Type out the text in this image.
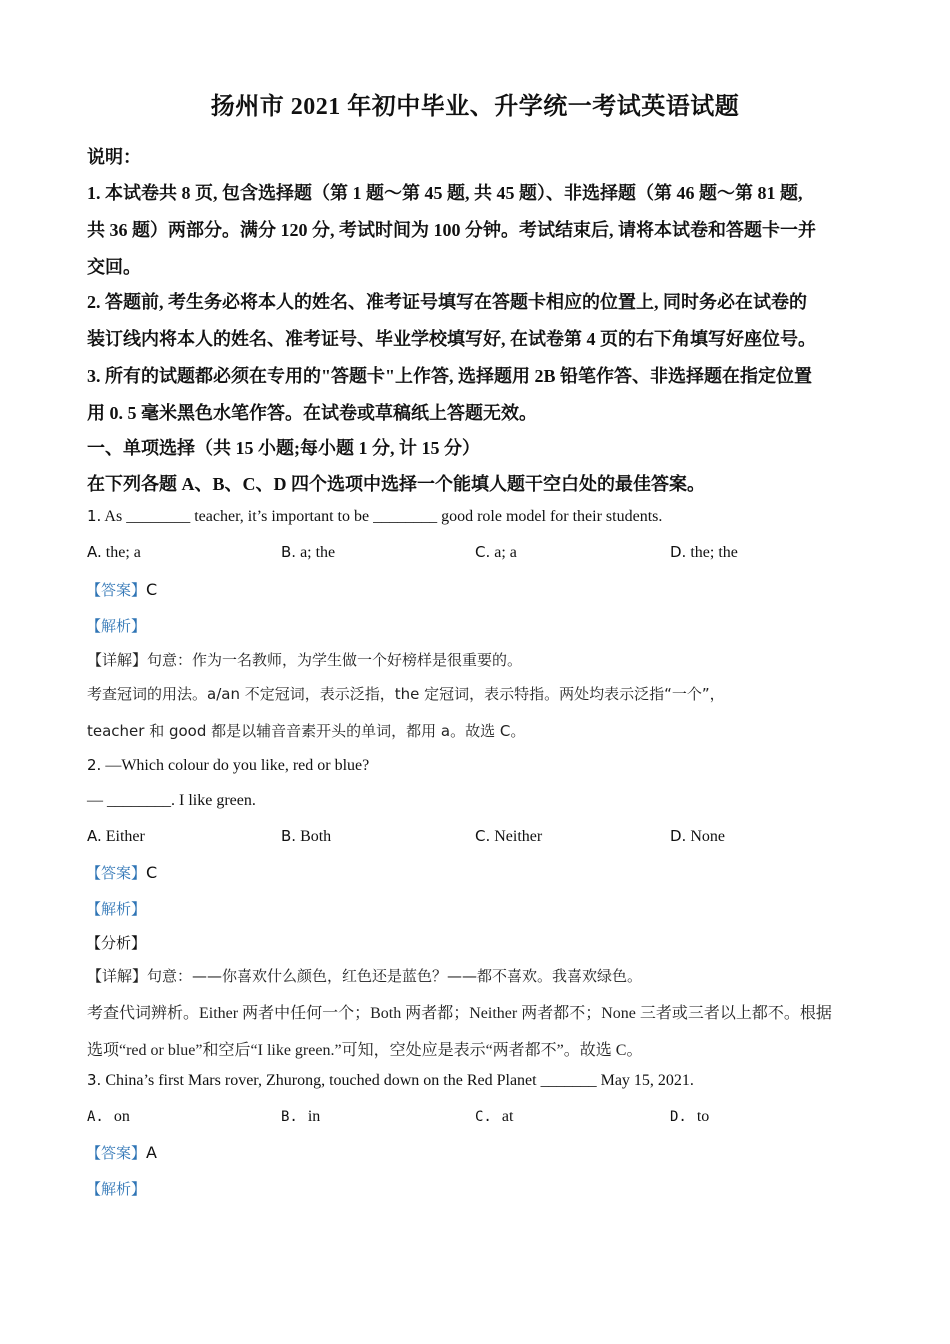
扬州市 2021 年初中毕业、升学统一考试英语试题
说明：
1. 本试卷共 8 页, 包含选择题（第 1 题～第 45 题, 共 45 题）、非选择题（第 46 题～第 81 题,
共 36 题）两部分。满分 120 分, 考试时间为 100 分钟。考试结束后, 请将本试卷和答题卡一并
交回。
2. 答题前, 考生务必将本人的姓名、准考证号填写在答题卡相应的位置上, 同时务必在试卷的
装订线内将本人的姓名、准考证号、毕业学校填写好, 在试卷第 4 页的右下角填写好座位号。
3. 所有的试题都必须在专用的"答题卡"上作答, 选择题用 2B 铅笔作答、非选择题在指定位置
用 0. 5 毫米黑色水笔作答。在试卷或草稿纸上答题无效。
一、单项选择（共 15 小题;每小题 1 分, 计 15 分）
在下列各题 A、B、C、D 四个选项中选择一个能填人题干空白处的最佳答案。
1. As ________ teacher, it’s important to be ________ good role model for their students.
A. the; a	B. a; the	C. a; a	D. the; the
【答案】C
【解析】
【详解】句意：作为一名教师，为学生做一个好榜样是很重要的。
考查冠词的用法。a/an 不定冠词，表示泛指，the 定冠词，表示特指。两处均表示泛指“一个”，
teacher 和 good 都是以辅音音素开头的单词，都用 a。故选 C。
2. —Which colour do you like, red or blue?
— ________. I like green.
A. Either	B. Both	C. Neither	D. None
【答案】C
【解析】
【分析】
【详解】句意：——你喜欢什么颜色，红色还是蓝色？——都不喜欢。我喜欢绿色。
考查代词辨析。Either 两者中任何一个；Both 两者都；Neither 两者都不；None 三者或三者以上都不。根据
选项“red or blue”和空后“I like green.”可知，空处应是表示“两者都不”。故选 C。
3. China’s first Mars rover, Zhurong, touched down on the Red Planet _______ May 15, 2021.
A. on	B. in	C. at	D. to
【答案】A
【解析】
